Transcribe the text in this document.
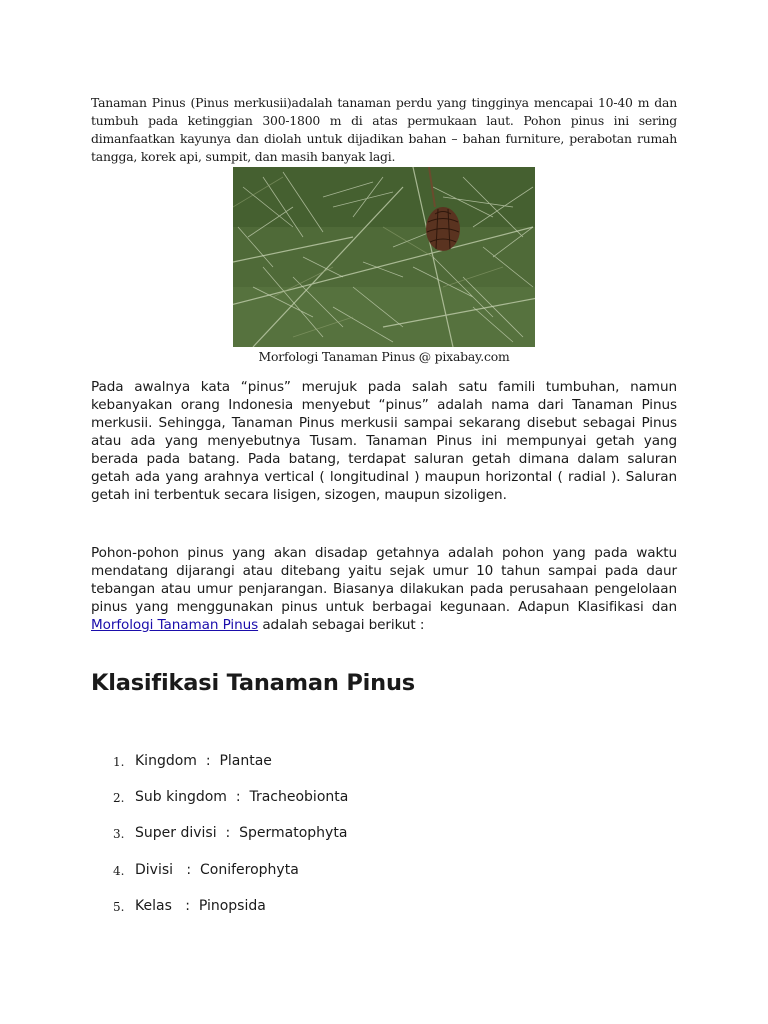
Tanaman Pinus (Pinus merkusii)adalah tanaman perdu yang tingginya mencapai 10-40 m dan tumbuh pada ketinggian 300-1800 m di atas permukaan laut. Pohon pinus ini sering dimanfaatkan kayunya dan diolah untuk dijadikan bahan – bahan furniture, perabotan rumah tangga, korek api, sumpit, dan masih banyak lagi.

Morfologi Tanaman Pinus @ pixabay.com

Pada awalnya kata “pinus” merujuk pada salah satu famili tumbuhan, namun kebanyakan orang Indonesia menyebut “pinus” adalah nama dari Tanaman Pinus merkusii. Sehingga, Tanaman Pinus merkusii sampai sekarang disebut sebagai Pinus atau ada yang menyebutnya Tusam. Tanaman Pinus ini mempunyai getah yang berada pada batang. Pada batang, terdapat saluran getah dimana dalam saluran getah ada yang arahnya vertical ( longitudinal ) maupun horizontal ( radial ). Saluran getah ini terbentuk secara lisigen, sizogen, maupun sizoligen.

Pohon-pohon pinus yang akan disadap getahnya adalah pohon yang pada waktu mendatang dijarangi atau ditebang yaitu sejak umur 10 tahun sampai pada daur tebangan atau umur penjarangan. Biasanya dilakukan pada perusahaan pengelolaan pinus yang menggunakan pinus untuk berbagai kegunaan. Adapun Klasifikasi dan Morfologi Tanaman Pinus adalah sebagai berikut :

Klasifikasi Tanaman Pinus
1. Kingdom  :  Plantae
2. Sub kingdom  :  Tracheobionta
3. Super divisi  :  Spermatophyta
4. Divisi   :  Coniferophyta
5. Kelas   :  Pinopsida
